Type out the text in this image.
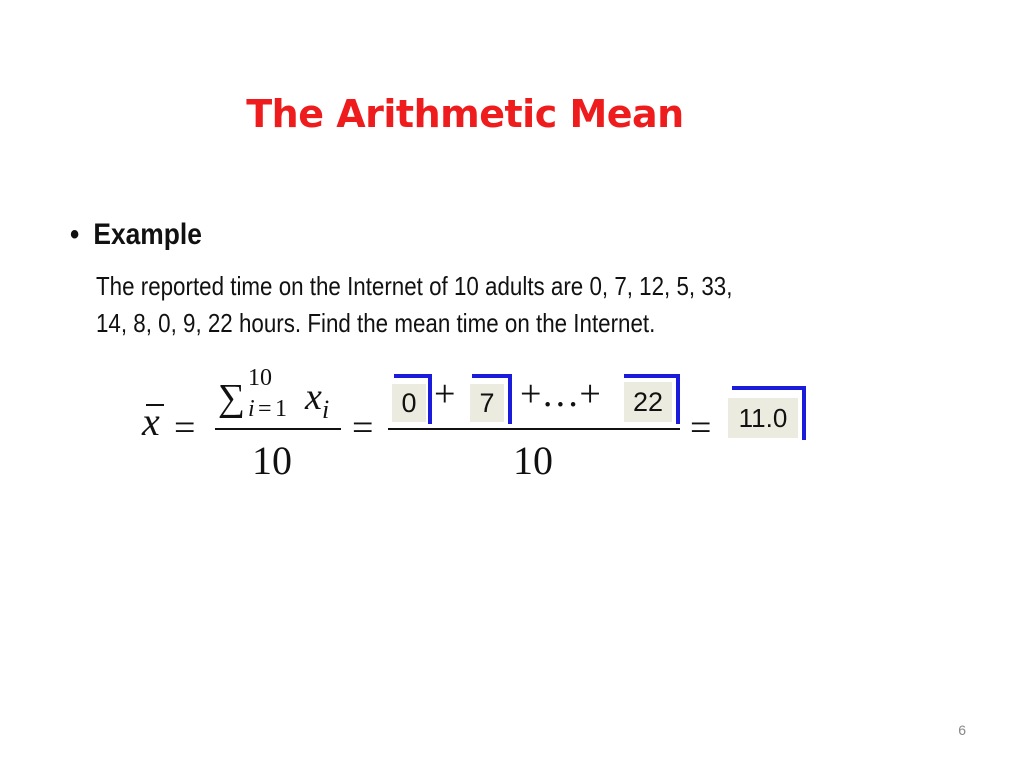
The Arithmetic Mean
• Example
The reported time on the Internet of 10 adults are 0, 7, 12, 5, 33,
14, 8, 0, 9, 22 hours. Find the mean time on the Internet.
x =
∑ 10
i = 1 x i
10
=
0 + 7 +…+	22
10
=	11.0
6
